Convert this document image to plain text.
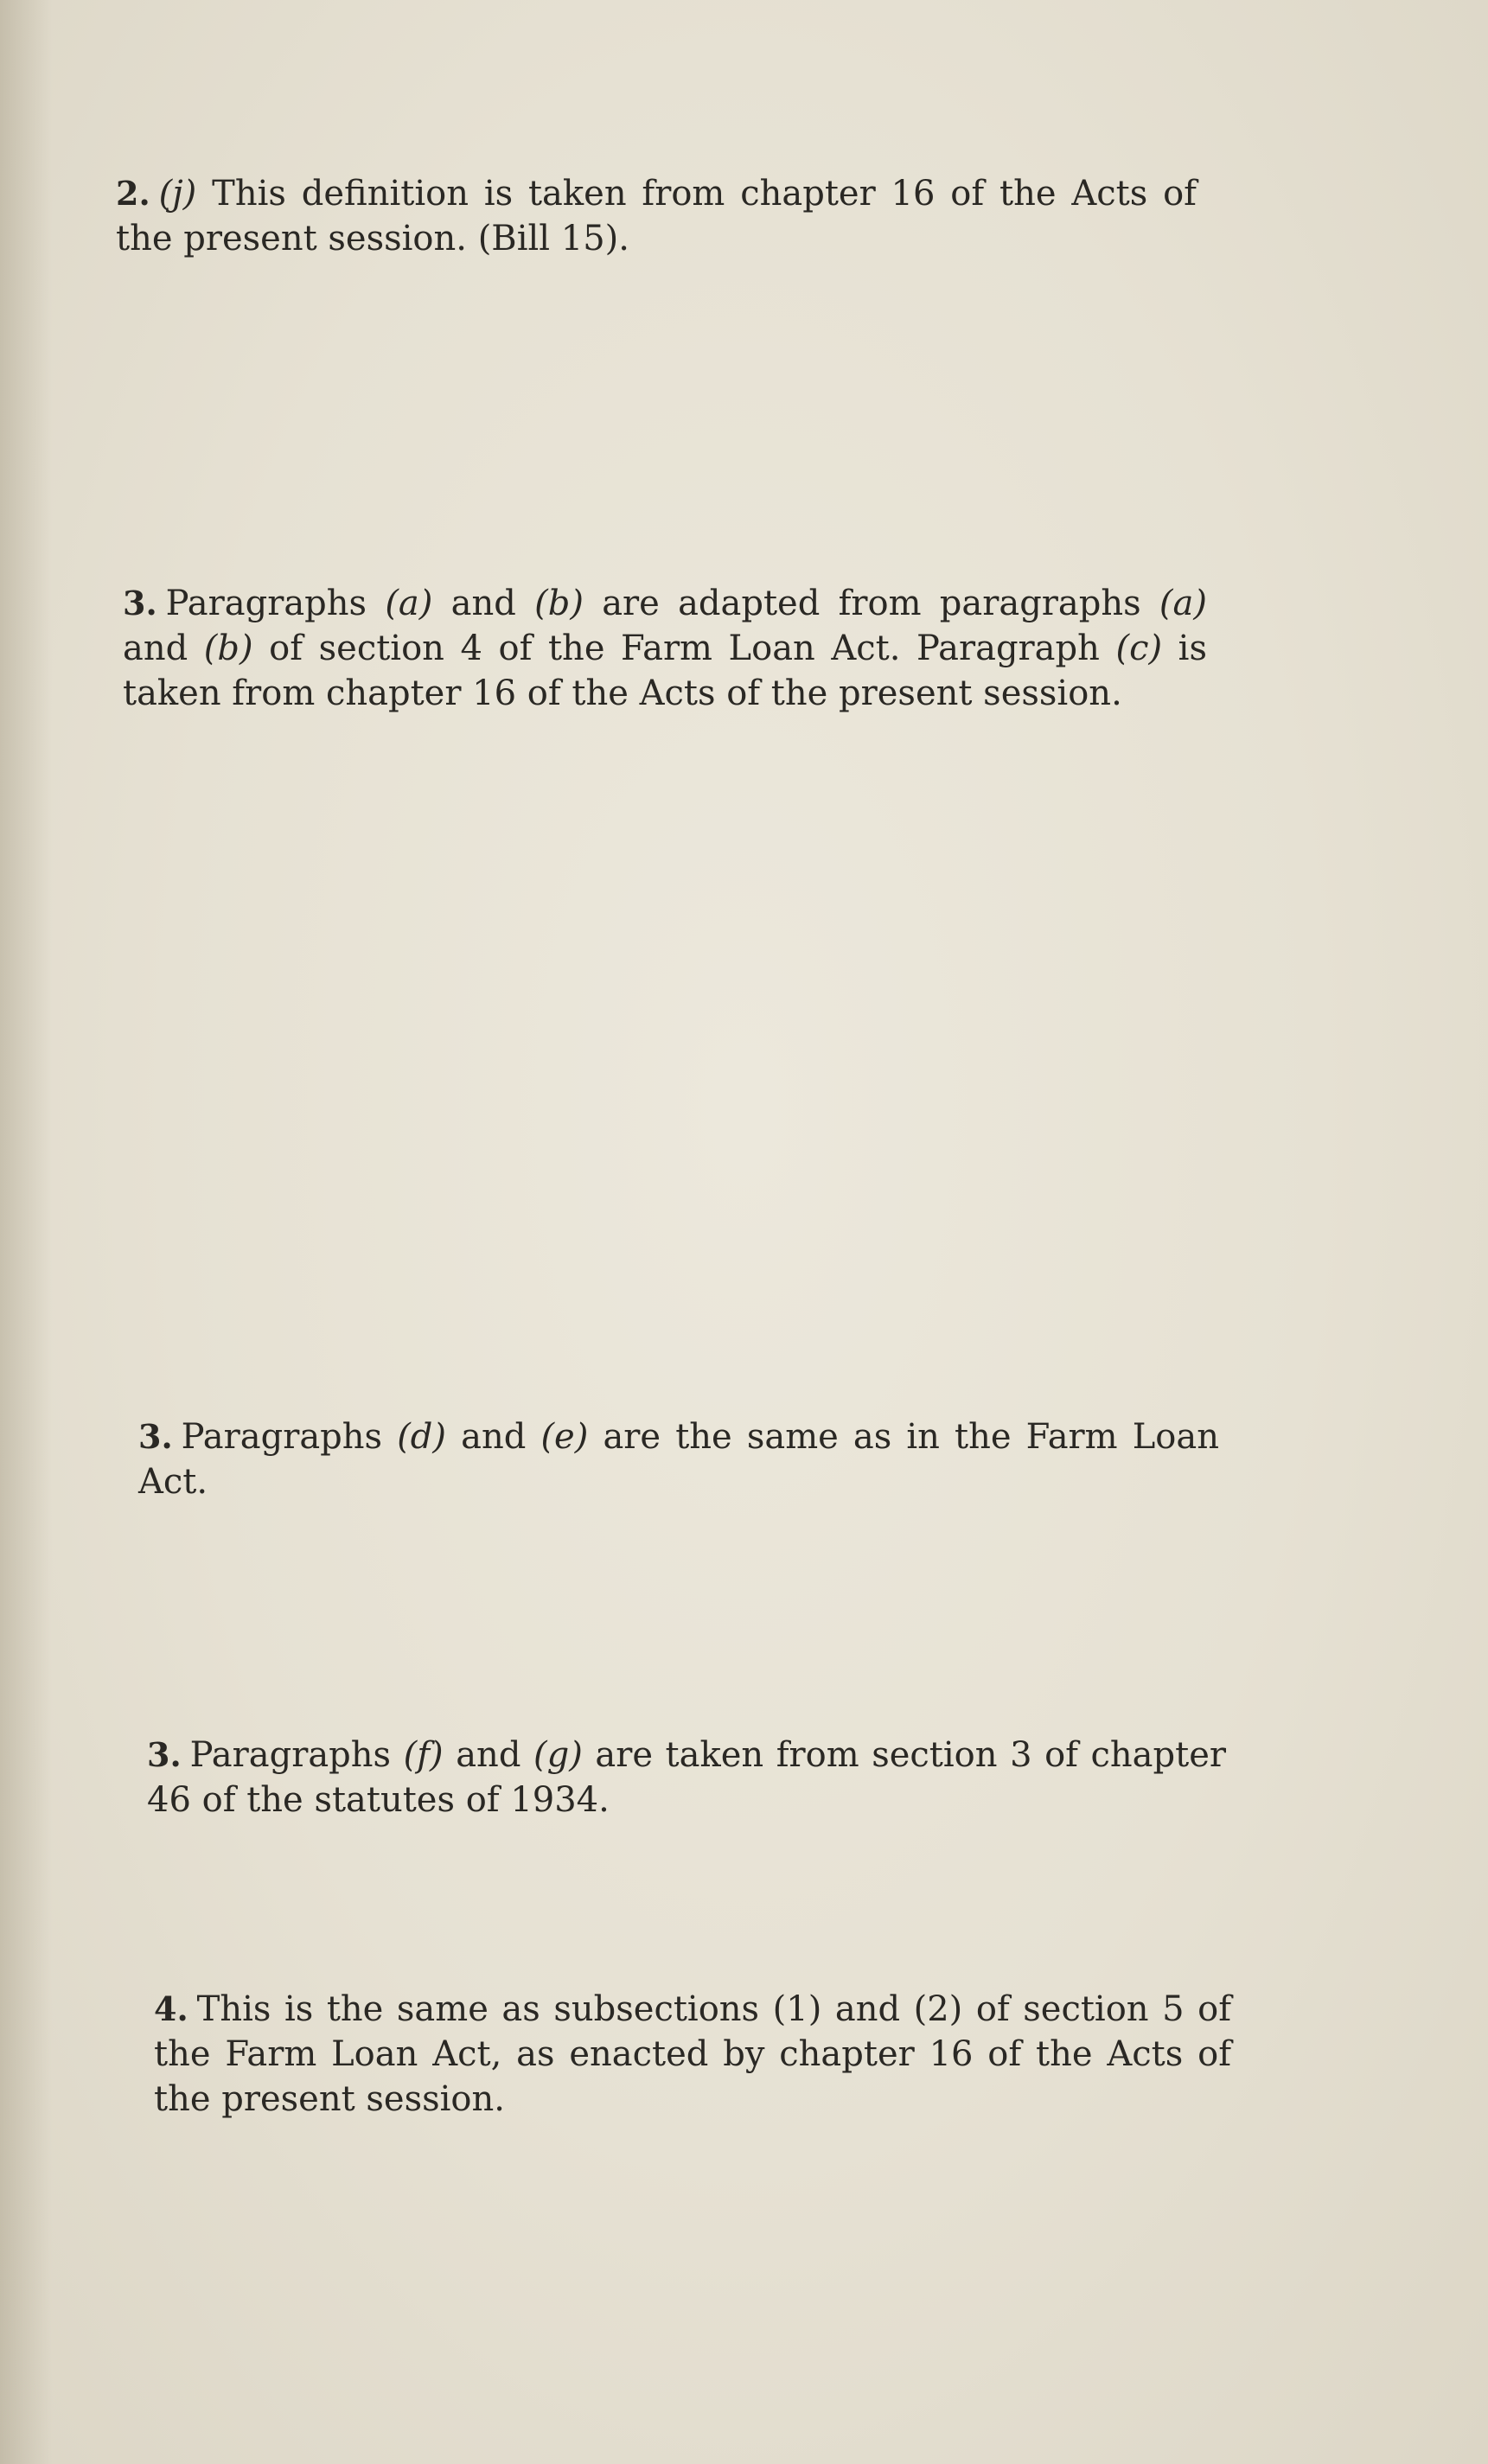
2. (j) This definition is taken from chapter 16 of the Acts of the present session. (Bill 15).

3. Paragraphs (a) and (b) are adapted from paragraphs (a) and (b) of section 4 of the Farm Loan Act. Paragraph (c) is taken from chapter 16 of the Acts of the present session.

3. Paragraphs (d) and (e) are the same as in the Farm Loan Act.

3. Paragraphs (f) and (g) are taken from section 3 of chapter 46 of the statutes of 1934.

4. This is the same as subsections (1) and (2) of section 5 of the Farm Loan Act, as enacted by chapter 16 of the Acts of the present session.
